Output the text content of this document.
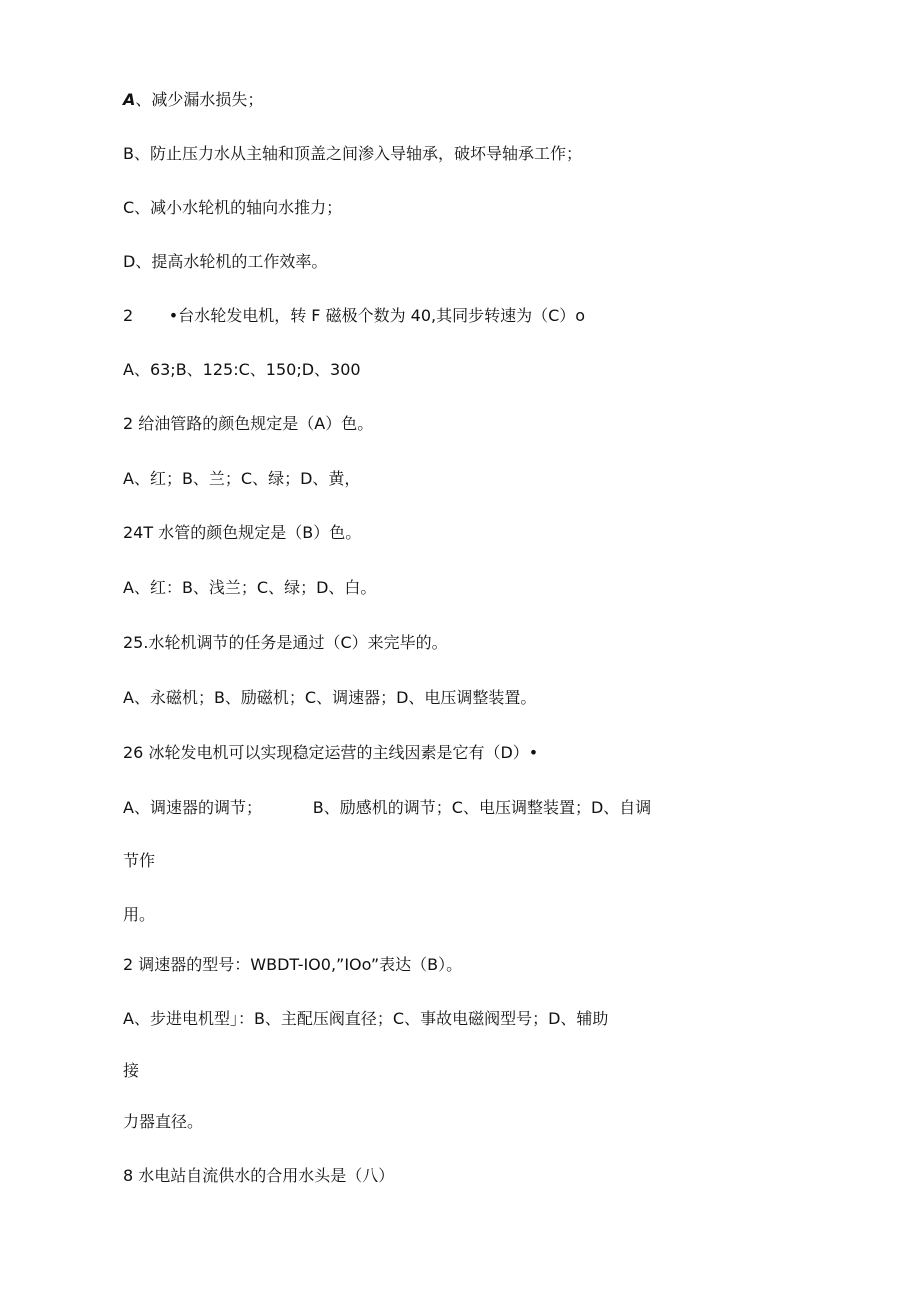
A、减少漏水损失；
B、防止压力水从主轴和顶盖之间渗入导轴承，破坏导轴承工作；
C、减小水轮机的轴向水推力；
D、提高水轮机的工作效率。
2       •台水轮发电机，转 F 磁极个数为 40,其同步转速为（C）o
A、63;B、125:C、150;D、300
2 给油管路的颜色规定是（A）色。
A、红；B、兰；C、绿；D、黄，
24T 水管的颜色规定是（B）色。
A、红：B、浅兰；C、绿；D、白。
25.水轮机调节的任务是通过（C）来完毕的。
A、永磁机；B、励磁机；C、调速器；D、电压调整装置。
26 冰轮发电机可以实现稳定运营的主线因素是它有（D）•
A、调速器的调节；          B、励感机的调节；C、电压调整装置；D、自调
节作
用。
2 调速器的型号：WBDT-IO0,”IOo”表达（B）。
A、步进电机型」：B、主配压阀直径；C、事故电磁阀型号；D、辅助
接
力器直径。
8 水电站自流供水的合用水头是（八）
